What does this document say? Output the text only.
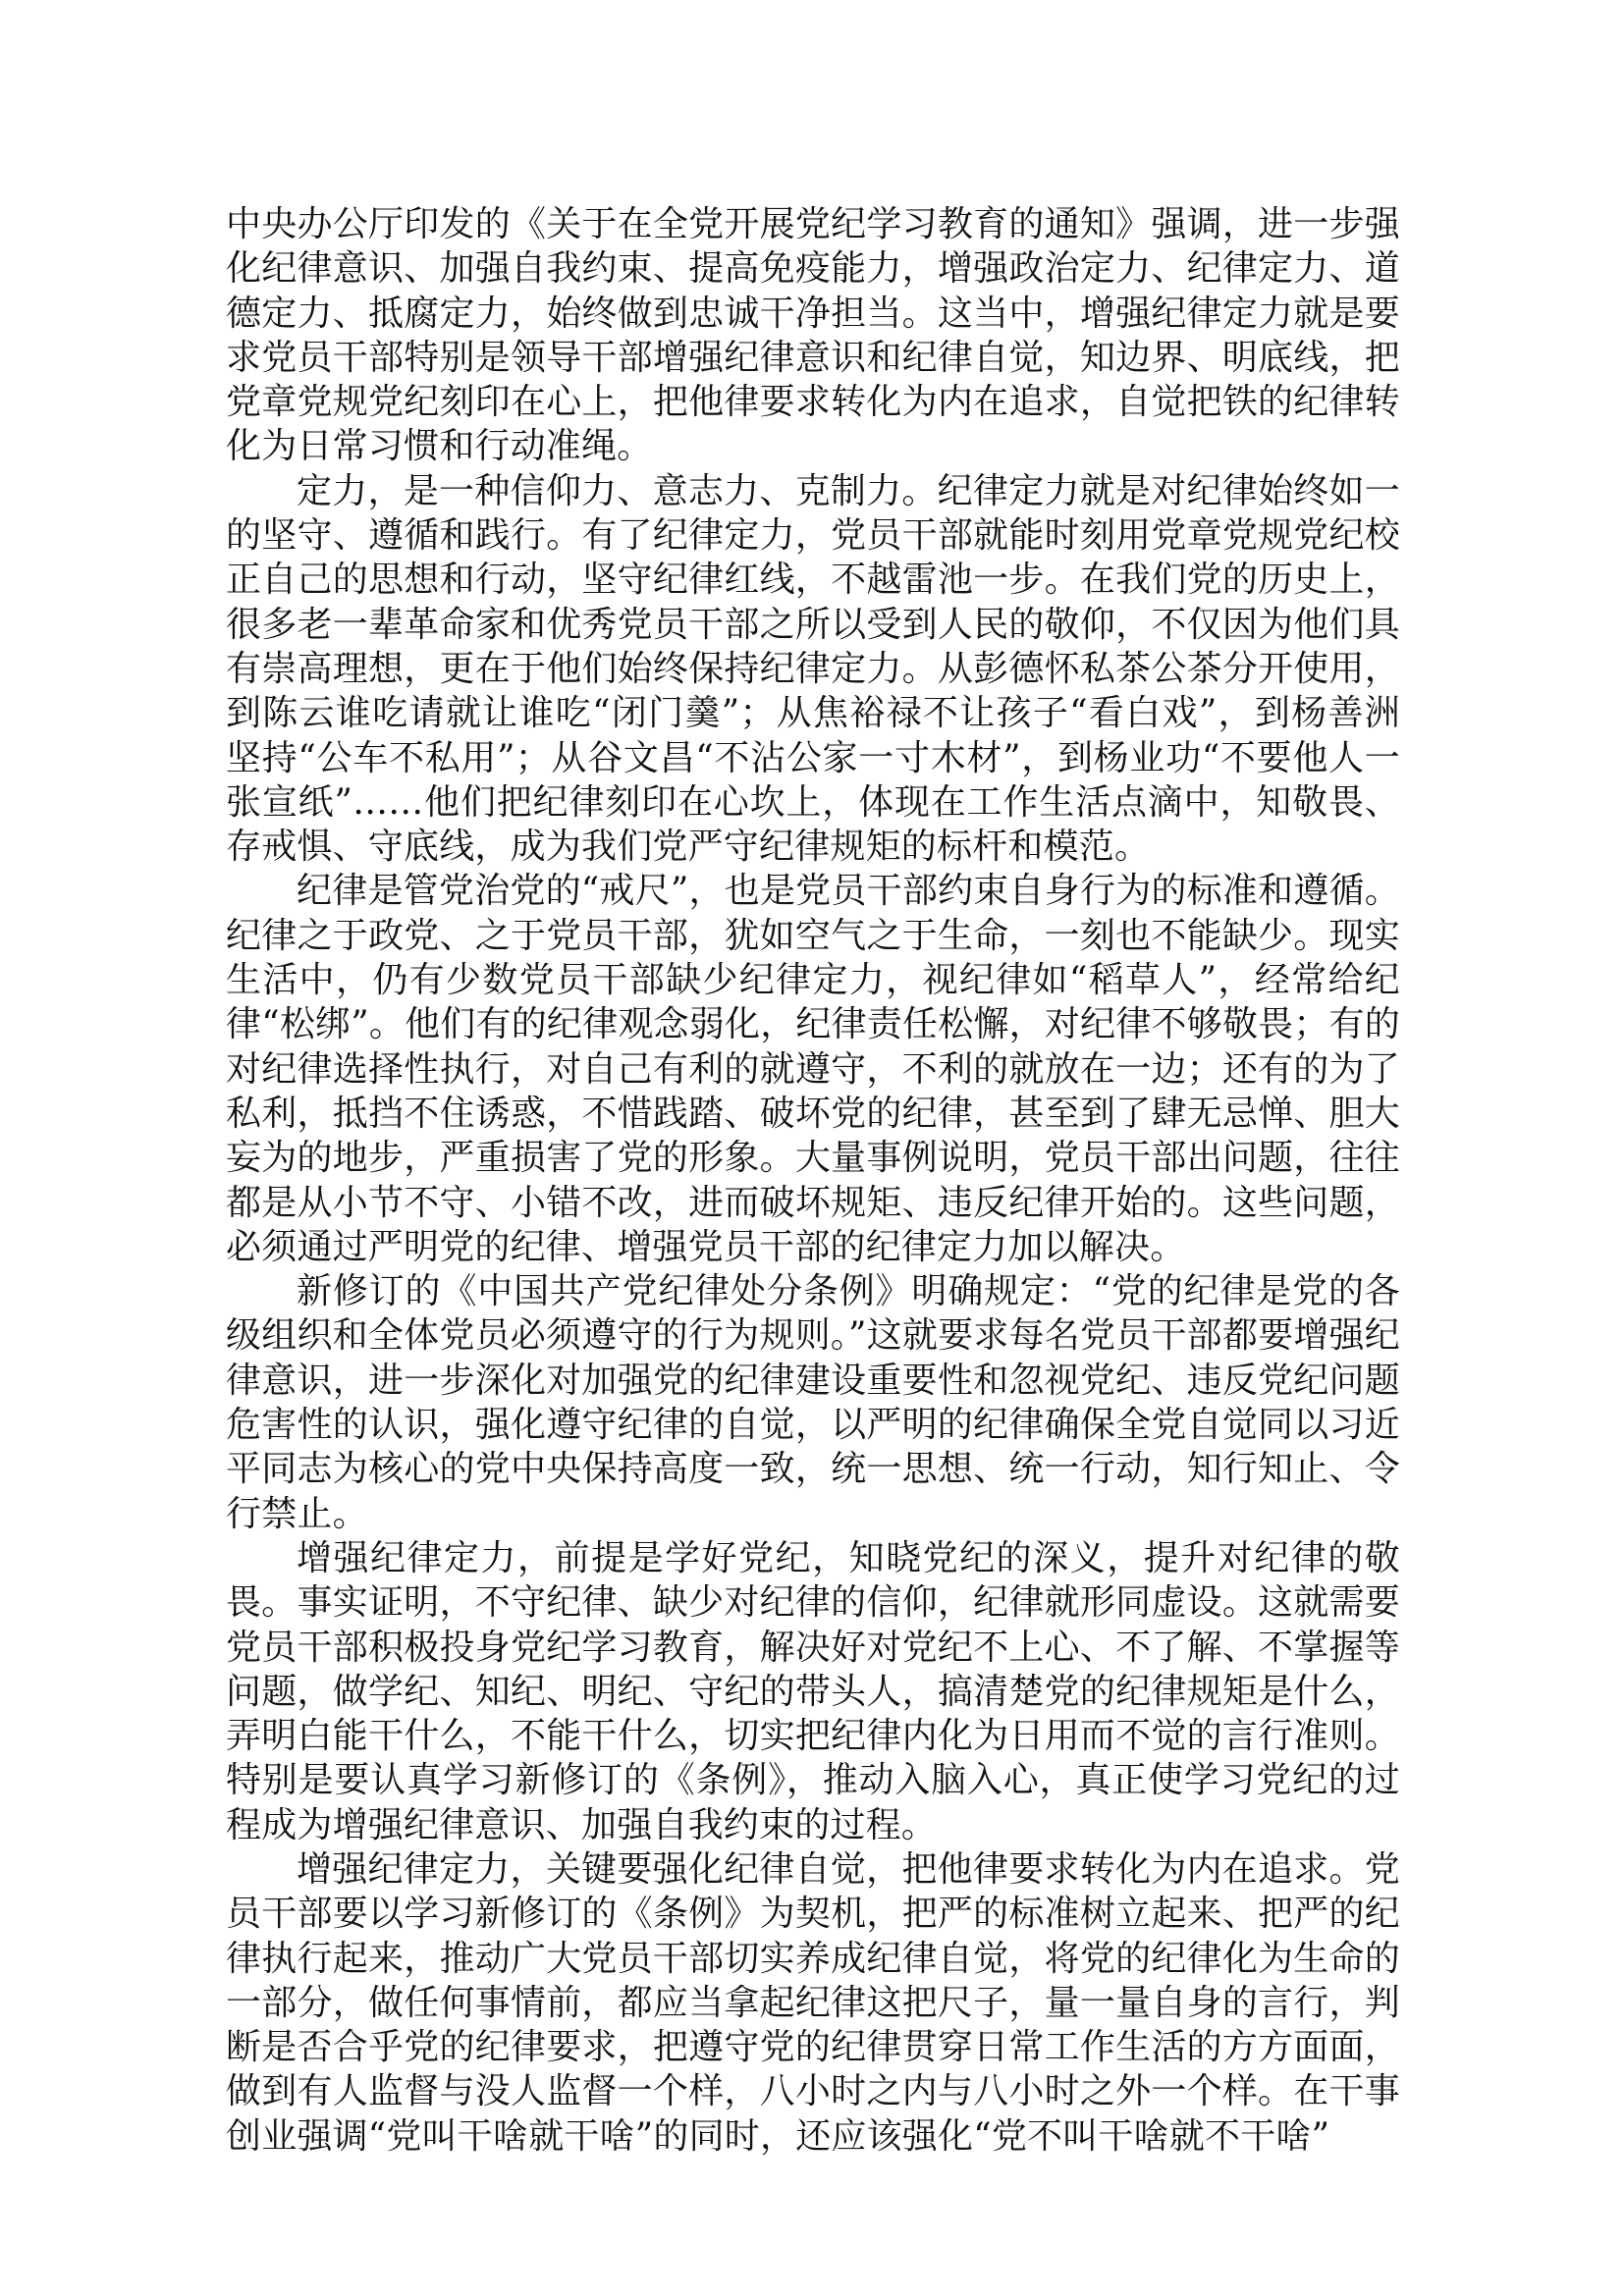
中央办公厅印发的《关于在全党开展党纪学习教育的通知》强调，进一步强化纪律意识、加强自我约束、提高免疫能力，增强政治定力、纪律定力、道德定力、抵腐定力，始终做到忠诚干净担当。这当中，增强纪律定力就是要求党员干部特别是领导干部增强纪律意识和纪律自觉，知边界、明底线，把党章党规党纪刻印在心上，把他律要求转化为内在追求，自觉把铁的纪律转化为日常习惯和行动准绳。

定力，是一种信仰力、意志力、克制力。纪律定力就是对纪律始终如一的坚守、遵循和践行。有了纪律定力，党员干部就能时刻用党章党规党纪校正自己的思想和行动，坚守纪律红线，不越雷池一步。在我们党的历史上，很多老一辈革命家和优秀党员干部之所以受到人民的敬仰，不仅因为他们具有崇高理想，更在于他们始终保持纪律定力。从彭德怀私茶公茶分开使用，到陈云谁吃请就让谁吃“闭门羹”；从焦裕禄不让孩子“看白戏”，到杨善洲坚持“公车不私用”；从谷文昌“不沾公家一寸木材”，到杨业功“不要他人一张宣纸”……他们把纪律刻印在心坎上，体现在工作生活点滴中，知敬畏、存戒惧、守底线，成为我们党严守纪律规矩的标杆和模范。

纪律是管党治党的“戒尺”，也是党员干部约束自身行为的标准和遵循。纪律之于政党、之于党员干部，犹如空气之于生命，一刻也不能缺少。现实生活中，仍有少数党员干部缺少纪律定力，视纪律如“稻草人”，经常给纪律“松绑”。他们有的纪律观念弱化，纪律责任松懈，对纪律不够敬畏；有的对纪律选择性执行，对自己有利的就遵守，不利的就放在一边；还有的为了私利，抵挡不住诱惑，不惜践踏、破坏党的纪律，甚至到了肆无忌惮、胆大妄为的地步，严重损害了党的形象。大量事例说明，党员干部出问题，往往都是从小节不守、小错不改，进而破坏规矩、违反纪律开始的。这些问题，必须通过严明党的纪律、增强党员干部的纪律定力加以解决。

新修订的《中国共产党纪律处分条例》明确规定：“党的纪律是党的各级组织和全体党员必须遵守的行为规则。”这就要求每名党员干部都要增强纪律意识，进一步深化对加强党的纪律建设重要性和忽视党纪、违反党纪问题危害性的认识，强化遵守纪律的自觉，以严明的纪律确保全党自觉同以习近平同志为核心的党中央保持高度一致，统一思想、统一行动，知行知止、令行禁止。

增强纪律定力，前提是学好党纪，知晓党纪的深义，提升对纪律的敬畏。事实证明，不守纪律、缺少对纪律的信仰，纪律就形同虚设。这就需要党员干部积极投身党纪学习教育，解决好对党纪不上心、不了解、不掌握等问题，做学纪、知纪、明纪、守纪的带头人，搞清楚党的纪律规矩是什么，弄明白能干什么，不能干什么，切实把纪律内化为日用而不觉的言行准则。特别是要认真学习新修订的《条例》，推动入脑入心，真正使学习党纪的过程成为增强纪律意识、加强自我约束的过程。

增强纪律定力，关键要强化纪律自觉，把他律要求转化为内在追求。党员干部要以学习新修订的《条例》为契机，把严的标准树立起来、把严的纪律执行起来，推动广大党员干部切实养成纪律自觉，将党的纪律化为生命的一部分，做任何事情前，都应当拿起纪律这把尺子，量一量自身的言行，判断是否合乎党的纪律要求，把遵守党的纪律贯穿日常工作生活的方方面面，做到有人监督与没人监督一个样，八小时之内与八小时之外一个样。在干事创业强调“党叫干啥就干啥”的同时，还应该强化“党不叫干啥就不干啥”
